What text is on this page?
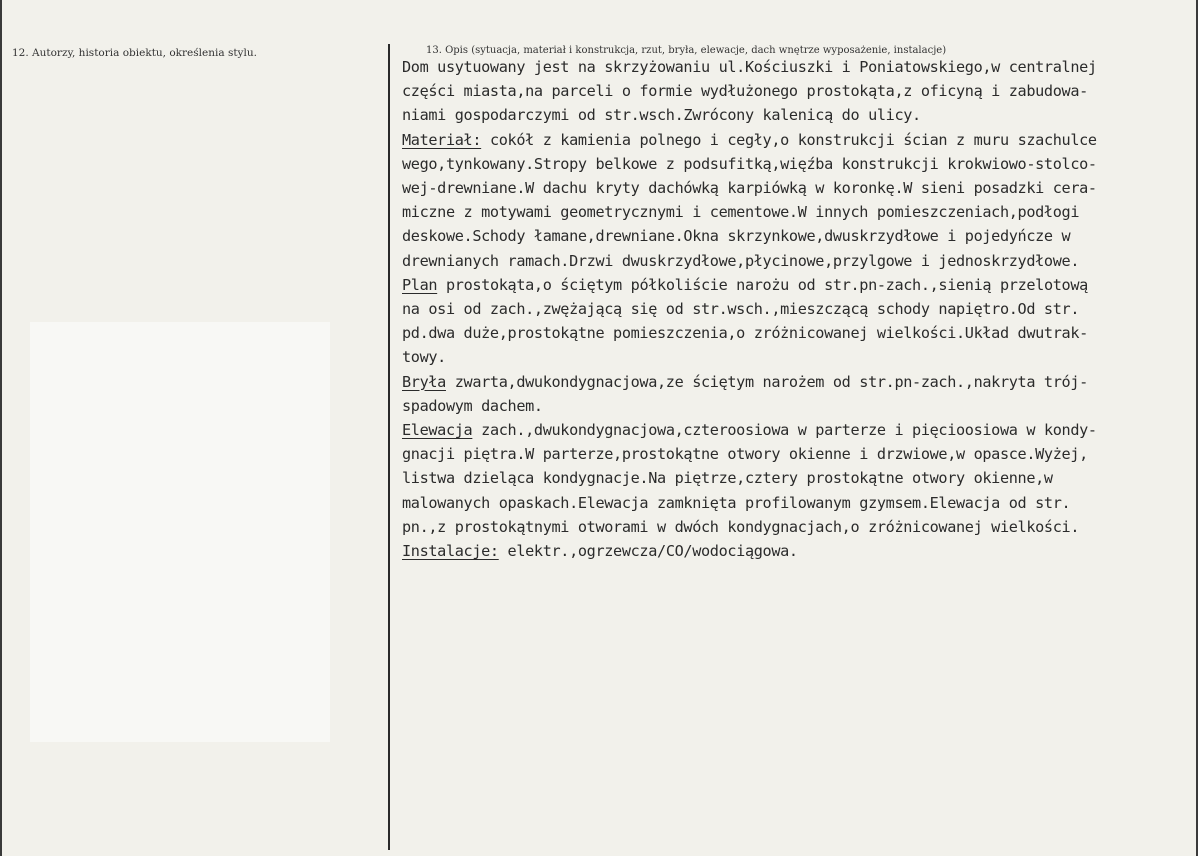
12. Autorzy, historia obiektu, określenia stylu.	13. Opis (sytuacja, materiał i konstrukcja, rzut, bryła, elewacje, dach wnętrze wyposażenie, instalacje)
Dom usytuowany jest na skrzyżowaniu ul.Kościuszki i Poniatowskiego,w centralnej
części miasta,na parceli o formie wydłużonego prostokąta,z oficyną i zabudowa-
niami gospodarczymi od str.wsch.Zwrócony kalenicą do ulicy.
Materiał: cokół z kamienia polnego i cegły,o konstrukcji ścian z muru szachulce
wego,tynkowany.Stropy belkowe z podsufitką,więźba konstrukcji krokwiowo-stolco-
wej-drewniane.W dachu kryty dachówką karpiówką w koronkę.W sieni posadzki cera-
miczne z motywami geometrycznymi i cementowe.W innych pomieszczeniach,podłogi
deskowe.Schody łamane,drewniane.Okna skrzynkowe,dwuskrzydłowe i pojedyńcze w
drewnianych ramach.Drzwi dwuskrzydłowe,płycinowe,przylgowe i jednoskrzydłowe.
Plan prostokąta,o ściętym półkoliście narożu od str.pn-zach.,sienią przelotową
na osi od zach.,zwężającą się od str.wsch.,mieszczącą schody napiętro.Od str.
pd.dwa duże,prostokątne pomieszczenia,o zróżnicowanej wielkości.Układ dwutrak-
towy.
Bryła zwarta,dwukondygnacjowa,ze ściętym narożem od str.pn-zach.,nakryta trój-
spadowym dachem.
Elewacja zach.,dwukondygnacjowa,czteroosiowa w parterze i pięcioosiowa w kondy-
gnacji piętra.W parterze,prostokątne otwory okienne i drzwiowe,w opasce.Wyżej,
listwa dzieląca kondygnacje.Na piętrze,cztery prostokątne otwory okienne,w
malowanych opaskach.Elewacja zamknięta profilowanym gzymsem.Elewacja od str.
pn.,z prostokątnymi otworami w dwóch kondygnacjach,o zróżnicowanej wielkości.
Instalacje: elektr.,ogrzewcza/CO/wodociągowa.
